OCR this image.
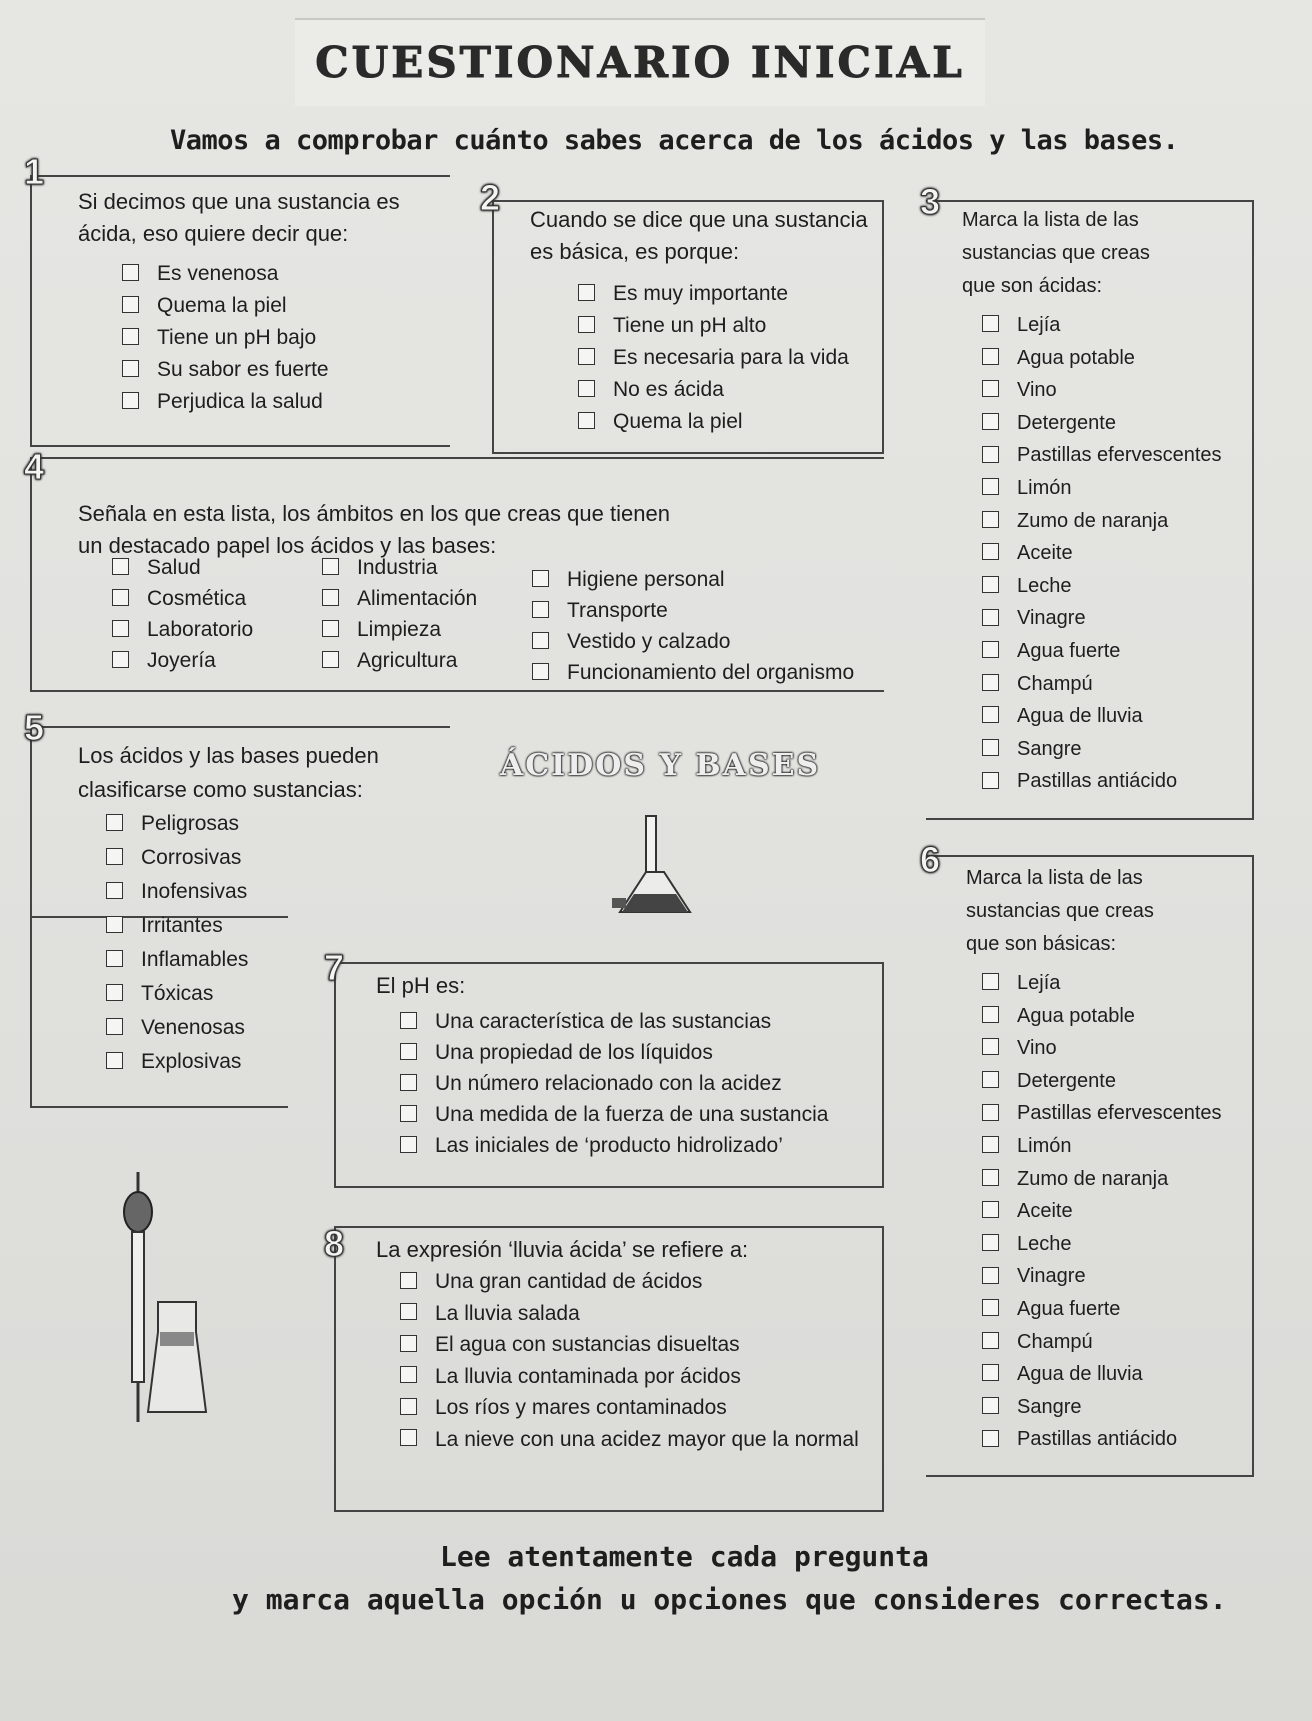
CUESTIONARIO INICIAL
Vamos a comprobar cuánto sabes acerca de los ácidos y las bases.
1
Si decimos que una sustancia es
ácida, eso quiere decir que:
Es venenosa
Quema la piel
Tiene un pH bajo
Su sabor es fuerte
Perjudica la salud
2
Cuando se dice que una sustancia
es básica, es porque:
Es muy importante
Tiene un pH alto
Es necesaria para la vida
No es ácida
Quema la piel
3	Marca la lista de las
sustancias que creas
que son ácidas:
Lejía
Agua potable
Vino
Detergente
Pastillas efervescentes
Limón
Zumo de naranja
Aceite
Leche
Vinagre
Agua fuerte
Champú
Agua de lluvia
Sangre
Pastillas antiácido
4
Señala en esta lista, los ámbitos en los que creas que tienen
un destacado papel los ácidos y las bases:
Salud
Cosmética
Laboratorio
Joyería
Industria
Alimentación
Limpieza
Agricultura
Higiene personal
Transporte
Vestido y calzado
Funcionamiento del organismo
5
Los ácidos y las bases pueden
clasificarse como sustancias:
Peligrosas
Corrosivas
Inofensivas
Irritantes
Inflamables
Tóxicas
Venenosas
Explosivas
ÁCIDOS Y BASES
6	Marca la lista de las
sustancias que creas
que son básicas:
Lejía
Agua potable
Vino
Detergente
Pastillas efervescentes
Limón
Zumo de naranja
Aceite
Leche
Vinagre
Agua fuerte
Champú
Agua de lluvia
Sangre
Pastillas antiácido
7	El pH es:
Una característica de las sustancias
Una propiedad de los líquidos
Un número relacionado con la acidez
Una medida de la fuerza de una sustancia
Las iniciales de ‘producto hidrolizado’
8	La expresión ‘lluvia ácida’ se refiere a:
Una gran cantidad de ácidos
La lluvia salada
El agua con sustancias disueltas
La lluvia contaminada por ácidos
Los ríos y mares contaminados
La nieve con una acidez mayor que la normal
Lee atentamente cada pregunta
y marca aquella opción u opciones que consideres correctas.
